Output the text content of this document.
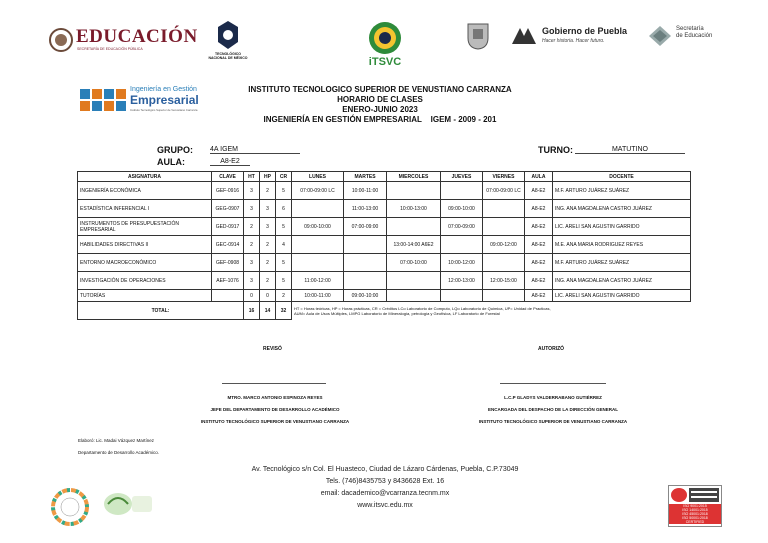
EDUCACIÓN
SECRETARÍA DE EDUCACIÓN PÚBLICA
TECNOLÓGICO
NACIONAL DE MÉXICO	iTSVC
Gobierno de Puebla
Hacer historia. Hacer futuro.
Secretaría
de Educación
Ingeniería en Gestión
Empresarial
Instituto Tecnológico Superior de Venustiano Carranza
INSTITUTO TECNOLOGICO SUPERIOR DE VENUSTIANO CARRANZA
HORARIO DE CLASES
ENERO-JUNIO 2023
INGENIERÍA EN GESTIÓN EMPRESARIAL    IGEM - 2009 - 201
GRUPO: 4A IGEM
AULA:	A8-E2
TURNO:	MATUTINO
ASIGNATURA	CLAVE	HT	HP	CR	LUNES	MARTES	MIERCOLES	JUEVES	VIERNES	AULA	DOCENTE
INGENIERÍA ECONÓMICA	GEF-0916	3	2	5	07:00-09:00 LC	10:00-11:00			07:00-09:00 LC	A8-E2	M.F. ARTURO JUÁREZ SUÁREZ
ESTADÍSTICA INFERENCIAL I	GEG-0907	3	3	6		11:00-13:00	10:00-13:00	09:00-10:00		A8-E2	ING. ANA MAGDALENA CASTRO JUÁREZ
INSTRUMENTOS DE PRESUPUESTACIÓN EMPRESARIAL	GED-0917	2	3	5	09:00-10:00	07:00-09:00		07:00-09:00		A8-E2	LIC. ARELI SAN AGUSTIN GARRIDO
HABILIDADES DIRECTIVAS II	GEC-0914	2	2	4			13:00-14:00 A6E2		09:00-12:00	A8-E2	M.E. ANA MARIA RODRIGUEZ REYES
ENTORNO MACROECONÓMICO	GEF-0908	3	2	5			07:00-10:00	10:00-12:00		A8-E2	M.F. ARTURO JUÁREZ SUÁREZ
INVESTIGACIÓN DE OPERACIONES	AEF-1076	3	2	5	11:00-12:00			12:00-13:00	12:00-15:00	A8-E2	ING. ANA MAGDALENA CASTRO JUÁREZ
TUTORÍAS		0	0	2	10:00-11:00	09:00-10:00				A8-E2	LIC. ARELI SAN AGUSTIN GARRIDO
TOTAL:		16	14	32	HT = Horas teóricas, HP = Horas prácticas, CR = Créditos LCo Laboratorio de Computo, LQo Laboratorio de Química, UP= Unidad de Practicas,
AUM= Aula de Usos Múltiples, LMPG Laboratorio de Mineralogía, petrología y Geofísica, LF Laboratorio de Forestal						
REVISÓ	AUTORIZÓ
MTRO. MARCO ANTONIO ESPINOZA REYES
JEFE DEL DEPARTAMENTO DE DESARROLLO ACADÉMICO
INSTITUTO TECNOLÓGICO SUPERIOR DE VENUSTIANO CARRANZA
L.C.P GLADYS VALDERRABANO GUTIÉRREZ
ENCARGADA DEL DESPACHO DE LA DIRECCIÓN GENERAL
INSTITUTO TECNOLÓGICO SUPERIOR DE VENUSTIANO CARRANZA
Elaboró: Lic. Madai Vázquez Martínez
Departamento de Desarrollo Académico.
Av. Tecnológico s/n Col. El Huasteco, Ciudad de Lázaro Cárdenas, Puebla, C.P.73049
Tels. (746)8435753 y 8436628 Ext. 16
email: dacademico@vcarranza.tecnm.mx
www.itsvc.edu.mx	ISO 9001:2015
ISO 14001:2015
ISO 45001:2018
ISO 50001:2018
CERTIFIED
